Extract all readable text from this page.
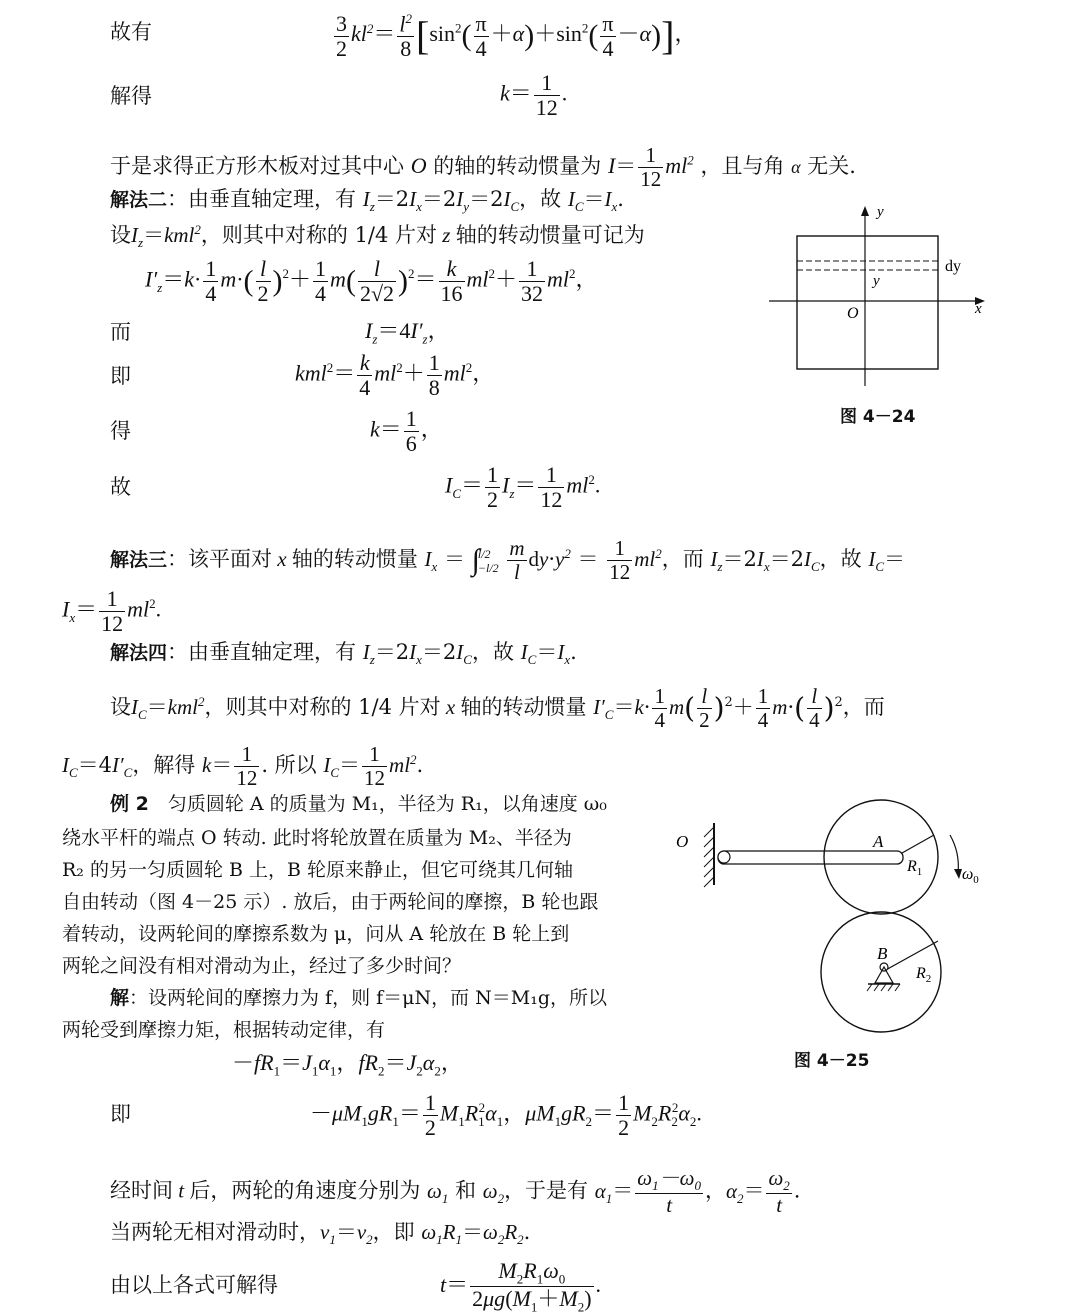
故有	$\frac{3}{2} kl^2= \frac{l^2}{8} [\sin^2( \frac{\pi}{4} +\alpha)+\sin^2( \frac{\pi}{4} -\alpha)]$，
解得	$k= \frac{1}{12}$ .
于是求得正方形木板对过其中心 O 的轴的转动惯量为 $I= \frac{1}{12} ml^2$ ，且与角 α 无关.
解法二：由垂直轴定理，有 $I_z=2I_x=2I_y=2I_C$，故 $I_C=I_x$.
设$I_z=kml^2$，则其中对称的 1/4 片对 z 轴的转动惯量可记为
$I'_z=k\cdot \frac{1}{4} m\cdot( \frac{l}{2} )^2+ \frac{1}{4} m( \frac{l}{2√2} )^2= \frac{k}{16} ml^2+ \frac{1}{32} ml^2$，
而	$I_z=4I'_z$，
即	$kml^2= \frac{k}{4} ml^2+ \frac{1}{8} ml^2$，
得	$k= \frac{1}{6}$ ，
故	$I_C= \frac{1}{2} I_z= \frac{1}{12} ml^2$.
y
x
O
dy
y
图 4－24
解法三：该平面对 x 轴的转动惯量 $I_x$ ＝ ∫
l/2
−l/2
$\frac{m}{l} dy\cdot y^2 = \frac{1}{12} ml^2$，而 $I_z=2I_x=2I_C$，故 $I_C=$
$I_x= \frac{1}{12} ml^2$.
解法四：由垂直轴定理，有 $I_z=2I_x=2I_C$，故 $I_C=I_x$.
设$I_C=kml^2$，则其中对称的 1/4 片对 x 轴的转动惯量 $I'_C=k\cdot \frac{1}{4} m( \frac{l}{2} )^2+ \frac{1}{4} m\cdot( \frac{l}{4} )^2$，而
$I_C=4I'_C$，解得 $k= \frac{1}{12}$ . 所以 $I_C= \frac{1}{12} ml^2$.
例 2　 匀质圆轮 A 的质量为 M₁，半径为 R₁，以角速度 ω₀
绕水平杆的端点 O 转动. 此时将轮放置在质量为 M₂、半径为
R₂ 的另一匀质圆轮 B 上，B 轮原来静止，但它可绕其几何轴
自由转动（图 4－25 示）. 放后，由于两轮间的摩擦，B 轮也跟
着转动，设两轮间的摩擦系数为 μ，问从 A 轮放在 B 轮上到
两轮之间没有相对滑动为止，经过了多少时间？
解：设两轮间的摩擦力为 f，则 f＝μN，而 N＝M₁g，所以
两轮受到摩擦力矩，根据转动定律，有
$-fR_1=J_1\alpha_1$，$fR_2=J_2\alpha_2$，
O	A
$R_1$ $\omega_0$
B
$R_2$
图 4－25
即	$-\mu M_1gR_1= \frac{1}{2} M_1R_1^2\alpha_1$，$\mu M_1gR_2= \frac{1}{2} M_2R_2^2\alpha_2$.
经时间 t 后，两轮的角速度分别为 $\omega_1$ 和 $\omega_2$，于是有 $\alpha_1= \frac{\omega_1-\omega_0}{t}$ ，$\alpha_2= \frac{\omega_2}{t}$ .
当两轮无相对滑动时，$v_1=v_2$，即 $\omega_1R_1=\omega_2R_2$.
由以上各式可解得	$t= \frac{M_2R_1\omega_0}{2\mu g(M_1+M_2)}$ .
